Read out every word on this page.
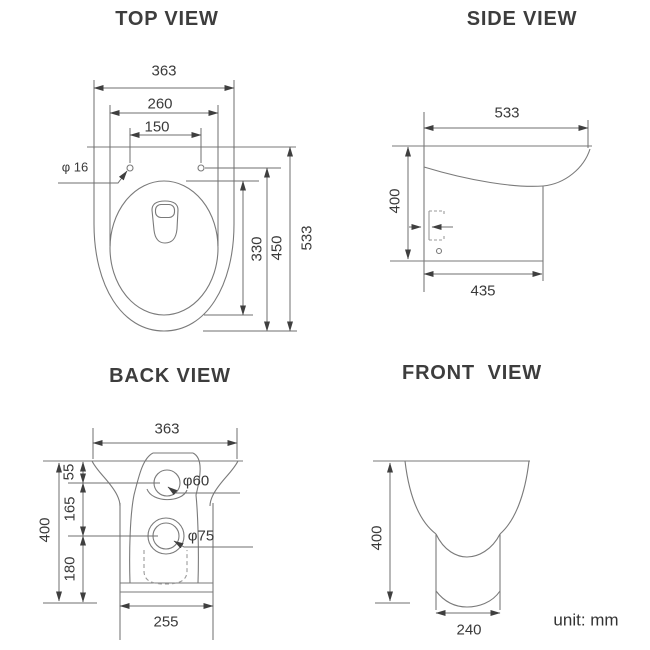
TOP VIEW	SIDE VIEW
BACK VIEW	FRONT  VIEW
363
260
150
φ 16
330 450 533
533
400
435
363
55
165
180
400
φ60
φ75
255
400
240
unit: mm
